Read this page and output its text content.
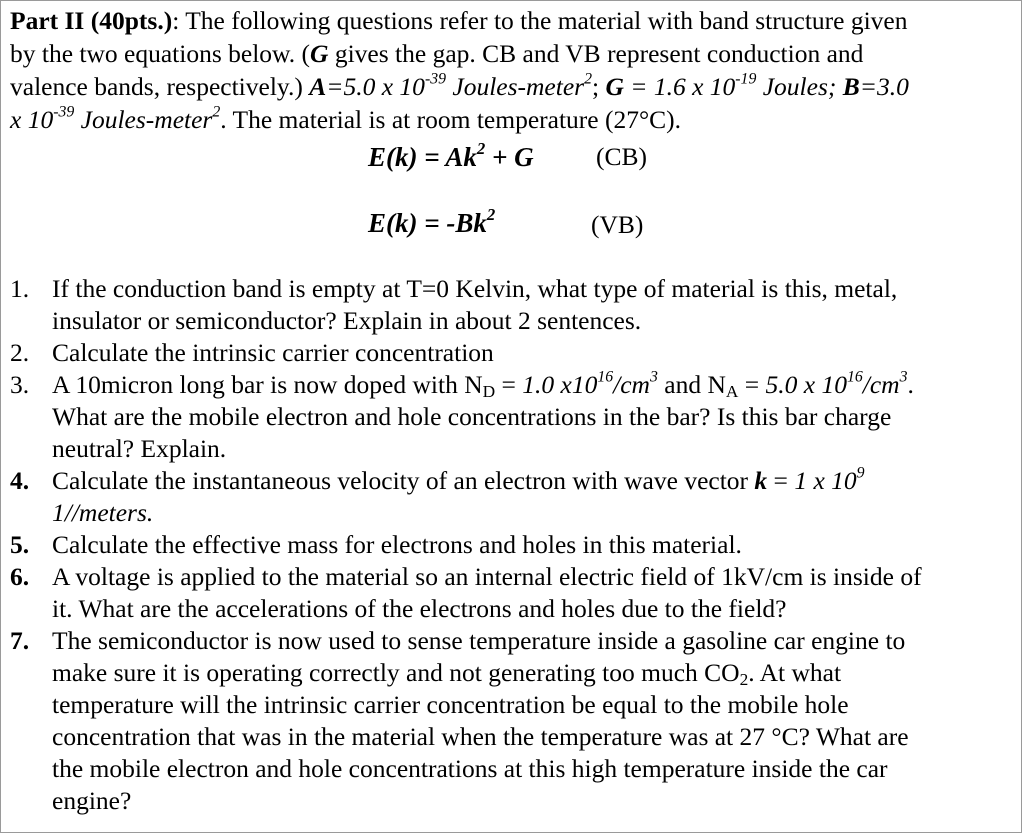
Part II (40pts.): The following questions refer to the material with band structure given
by the two equations below. (G gives the gap. CB and VB represent conduction and
valence bands, respectively.) A=5.0 x $10^{-39}$ Joules-meter$^2$; G = 1.6 x $10^{-19}$ Joules; B=3.0
x $10^{-39}$ Joules-meter$^2$. The material is at room temperature (27°C).
$E(k) = Ak^2 + G$ (CB)
$E(k) = -Bk^2$	(VB)
1. If the conduction band is empty at T=0 Kelvin, what type of material is this, metal,
insulator or semiconductor? Explain in about 2 sentences.
2. Calculate the intrinsic carrier concentration
3. A 10micron long bar is now doped with $N_D = 1.0$ $x10^{16}/cm^3$ and $N_A = 5.0$ x $10^{16}/cm^3$.
What are the mobile electron and hole concentrations in the bar? Is this bar charge
neutral? Explain.
4. Calculate the instantaneous velocity of an electron with wave vector k = 1 x $10^9$
1//meters.
5. Calculate the effective mass for electrons and holes in this material.
6. A voltage is applied to the material so an internal electric field of 1kV/cm is inside of
it. What are the accelerations of the electrons and holes due to the field?
7. The semiconductor is now used to sense temperature inside a gasoline car engine to
make sure it is operating correctly and not generating too much $CO_2$. At what
temperature will the intrinsic carrier concentration be equal to the mobile hole
concentration that was in the material when the temperature was at 27 °C? What are
the mobile electron and hole concentrations at this high temperature inside the car
engine?
